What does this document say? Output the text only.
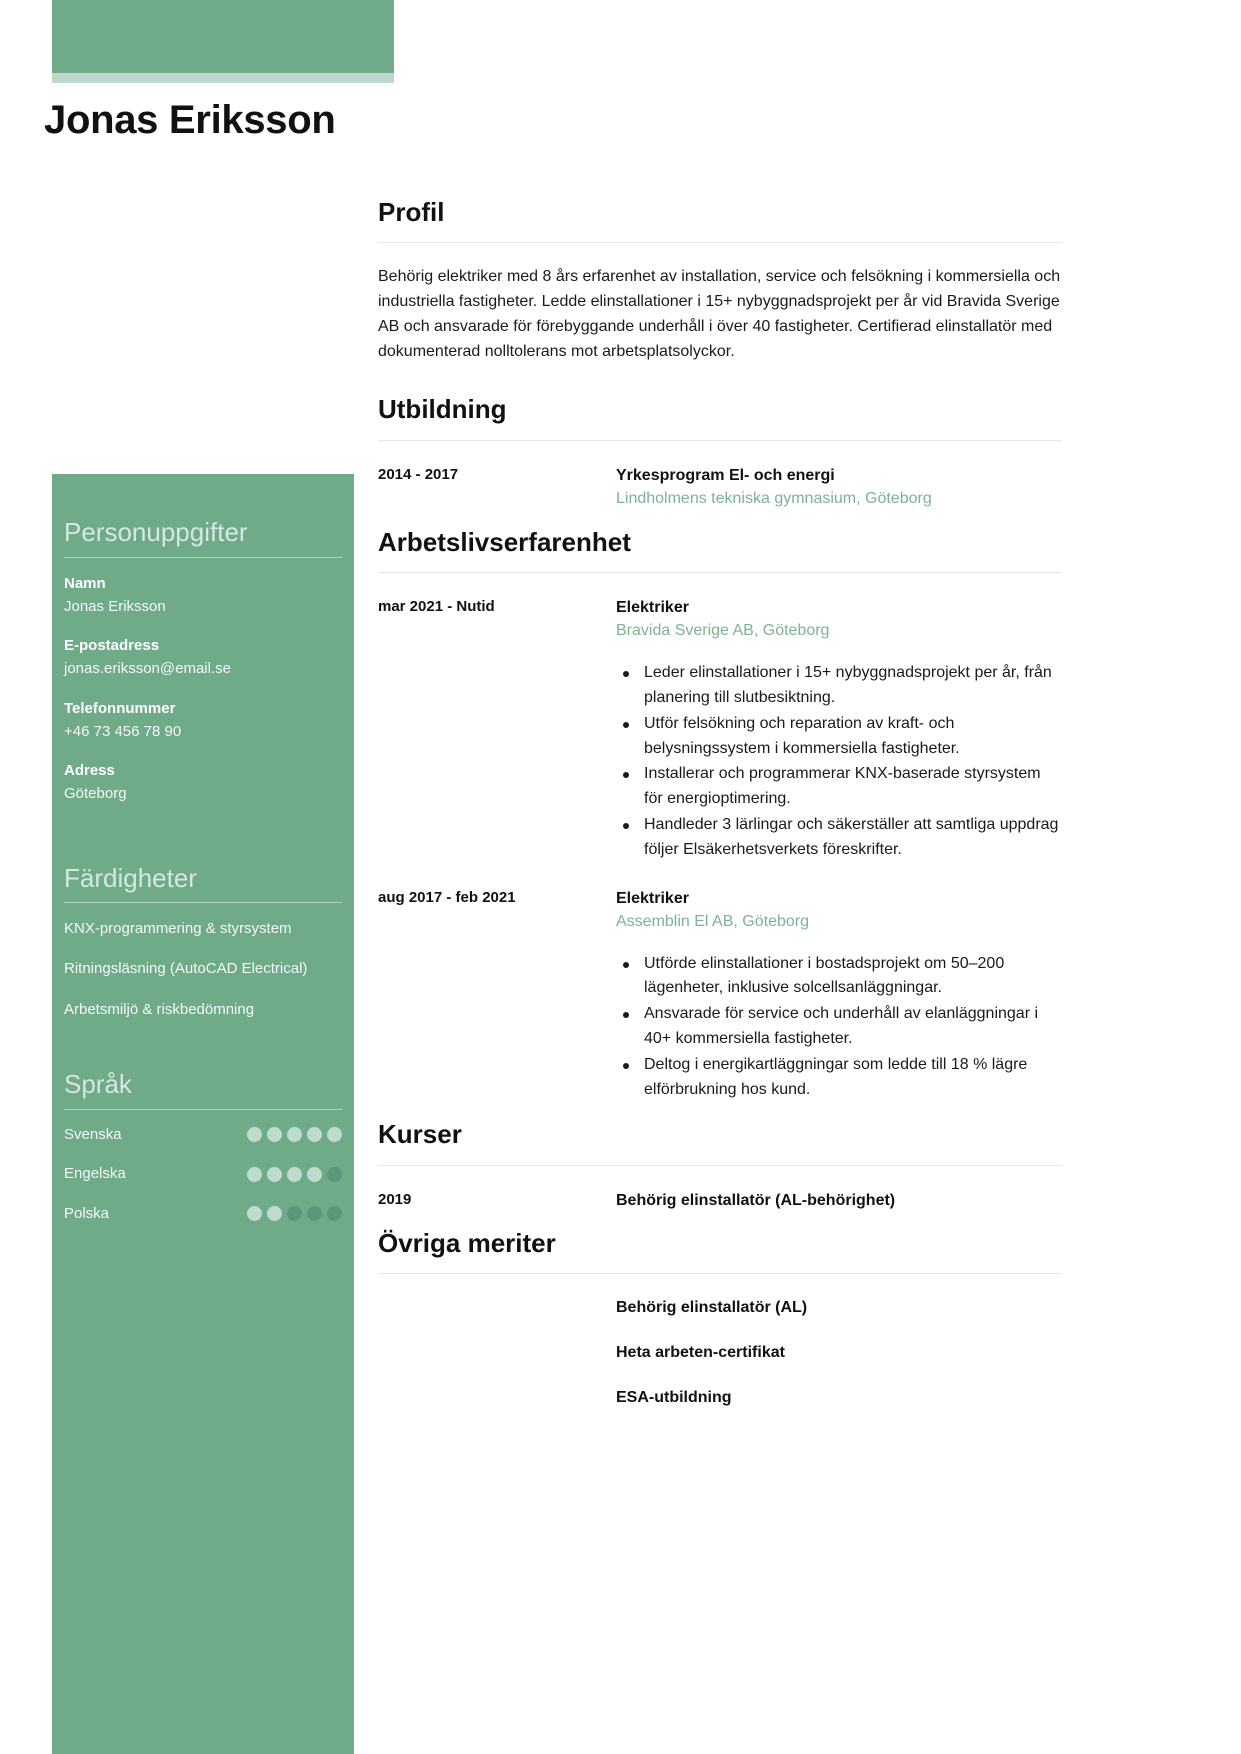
Jonas Eriksson
Personuppgifter
Namn
Jonas Eriksson
E-postadress
jonas.eriksson@email.se
Telefonnummer
+46 73 456 78 90
Adress
Göteborg
Färdigheter
KNX-programmering & styrsystem
Ritningsläsning (AutoCAD Electrical)
Arbetsmiljö & riskbedömning
Språk
Svenska
Engelska
Polska
Profil

Behörig elektriker med 8 års erfarenhet av installation, service och felsökning i kommersiella och industriella fastigheter. Ledde elinstallationer i 15+ nybyggnadsprojekt per år vid Bravida Sverige AB och ansvarade för förebyggande underhåll i över 40 fastigheter. Certifierad elinstallatör med dokumenterad nolltolerans mot arbetsplatsolyckor.

Utbildning
2014 - 2017	Yrkesprogram El- och energi
Lindholmens tekniska gymnasium, Göteborg
Arbetslivserfarenhet
mar 2021 - Nutid	Elektriker
Bravida Sverige AB, Göteborg
Leder elinstallationer i 15+ nybyggnadsprojekt per år, från planering till slutbesiktning.
Utför felsökning och reparation av kraft- och belysningssystem i kommersiella fastigheter.
Installerar och programmerar KNX-baserade styrsystem för energioptimering.
Handleder 3 lärlingar och säkerställer att samtliga uppdrag följer Elsäkerhetsverkets föreskrifter.
aug 2017 - feb 2021	Elektriker
Assemblin El AB, Göteborg
Utförde elinstallationer i bostadsprojekt om 50–200 lägenheter, inklusive solcellsanläggningar.
Ansvarade för service och underhåll av elanläggningar i 40+ kommersiella fastigheter.
Deltog i energikartläggningar som ledde till 18 % lägre elförbrukning hos kund.
Kurser
2019	Behörig elinstallatör (AL-behörighet)
Övriga meriter
Behörig elinstallatör (AL)
Heta arbeten-certifikat
ESA-utbildning
